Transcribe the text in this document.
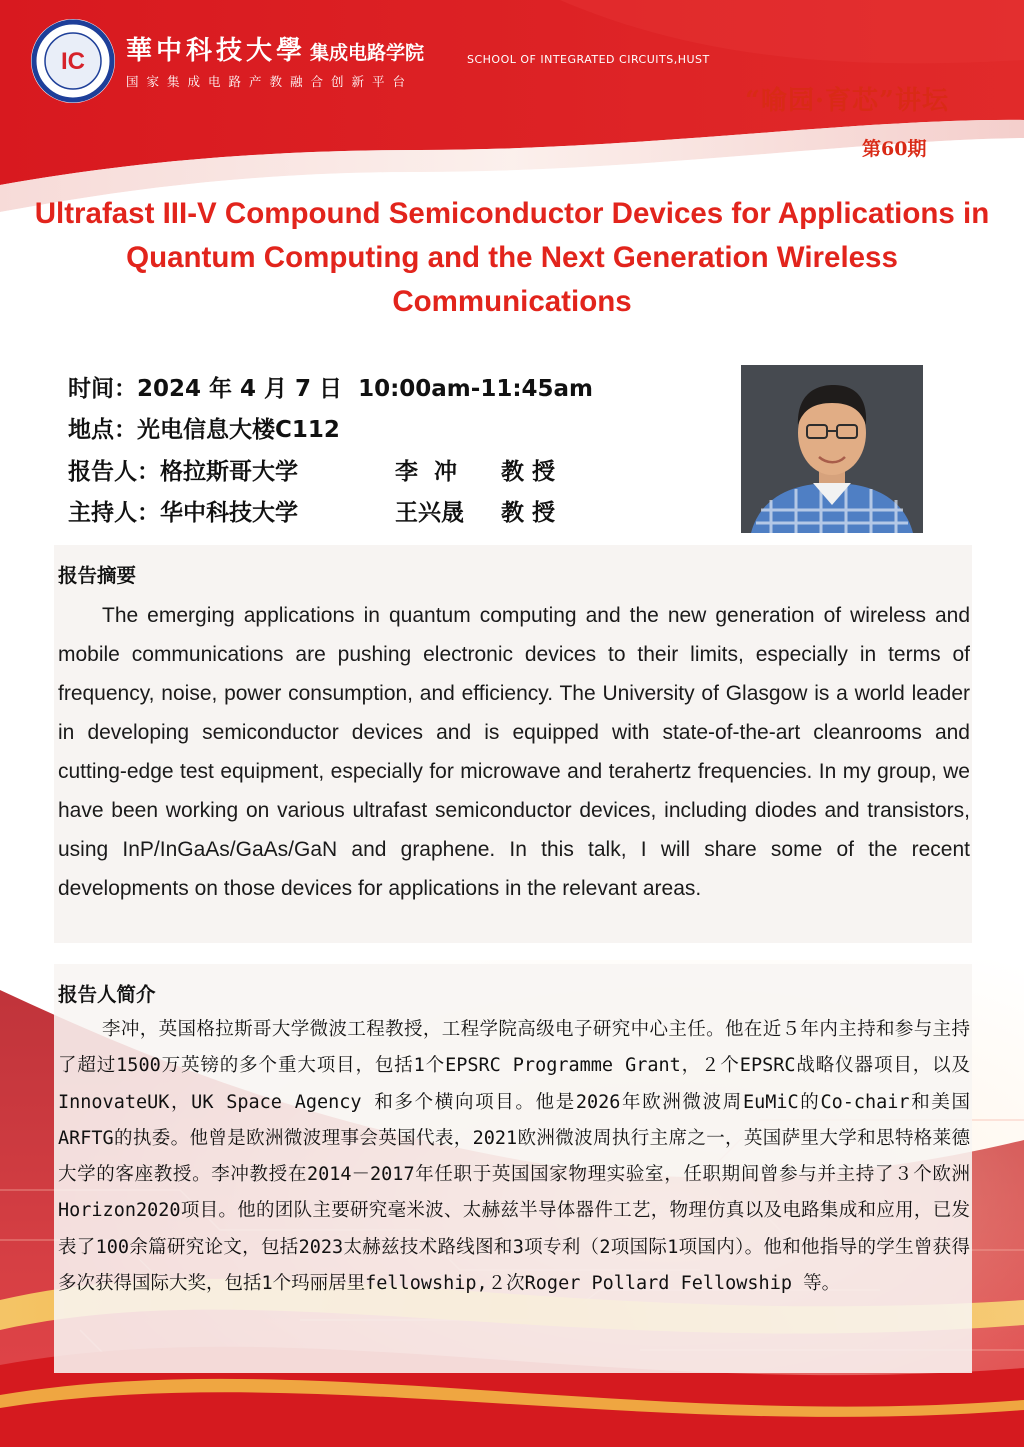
IC 華中科技大學 集成电路学院	SCHOOL OF INTEGRATED CIRCUITS,HUST
国家集成电路产教融合创新平台
“喻园·育芯”讲坛
第60期
Ultrafast III-V Compound Semiconductor Devices for Applications in Quantum Computing and the Next Generation Wireless Communications
时间：2024 年 4 月 7 日  10:00am-11:45am
地点：光电信息大楼C112
报告人：格拉斯哥大学	李  冲 教 授
主持人：华中科技大学	王兴晟 教 授
报告摘要
The emerging applications in quantum computing and the new generation of wireless and mobile communications are pushing electronic devices to their limits, especially in terms of frequency, noise, power consumption, and efficiency. The University of Glasgow is a world leader in developing semiconductor devices and is equipped with state-of-the-art cleanrooms and cutting-edge test equipment, especially for microwave and terahertz frequencies. In my group, we have been working on various ultrafast semiconductor devices, including diodes and transistors, using InP/InGaAs/GaAs/GaN and graphene. In this talk, I will share some of the recent developments on those devices for applications in the relevant areas.
报告人简介
李冲，英国格拉斯哥大学微波工程教授，工程学院高级电子研究中心主任。他在近５年内主持和参与主持了超过1500万英镑的多个重大项目，包括1个EPSRC Programme Grant，２个EPSRC战略仪器项目，以及InnovateUK，UK Space Agency 和多个横向项目。他是2026年欧洲微波周EuMiC的Co-chair和美国ARFTG的执委。他曾是欧洲微波理事会英国代表，2021欧洲微波周执行主席之一，英国萨里大学和思特格莱德大学的客座教授。李冲教授在2014－2017年任职于英国国家物理实验室，任职期间曾参与并主持了３个欧洲Horizon2020项目。他的团队主要研究毫米波、太赫兹半导体器件工艺，物理仿真以及电路集成和应用，已发表了100余篇研究论文，包括2023太赫兹技术路线图和3项专利（2项国际1项国内）。他和他指导的学生曾获得多次获得国际大奖，包括1个玛丽居里fellowship,２次Roger Pollard Fellowship 等。
